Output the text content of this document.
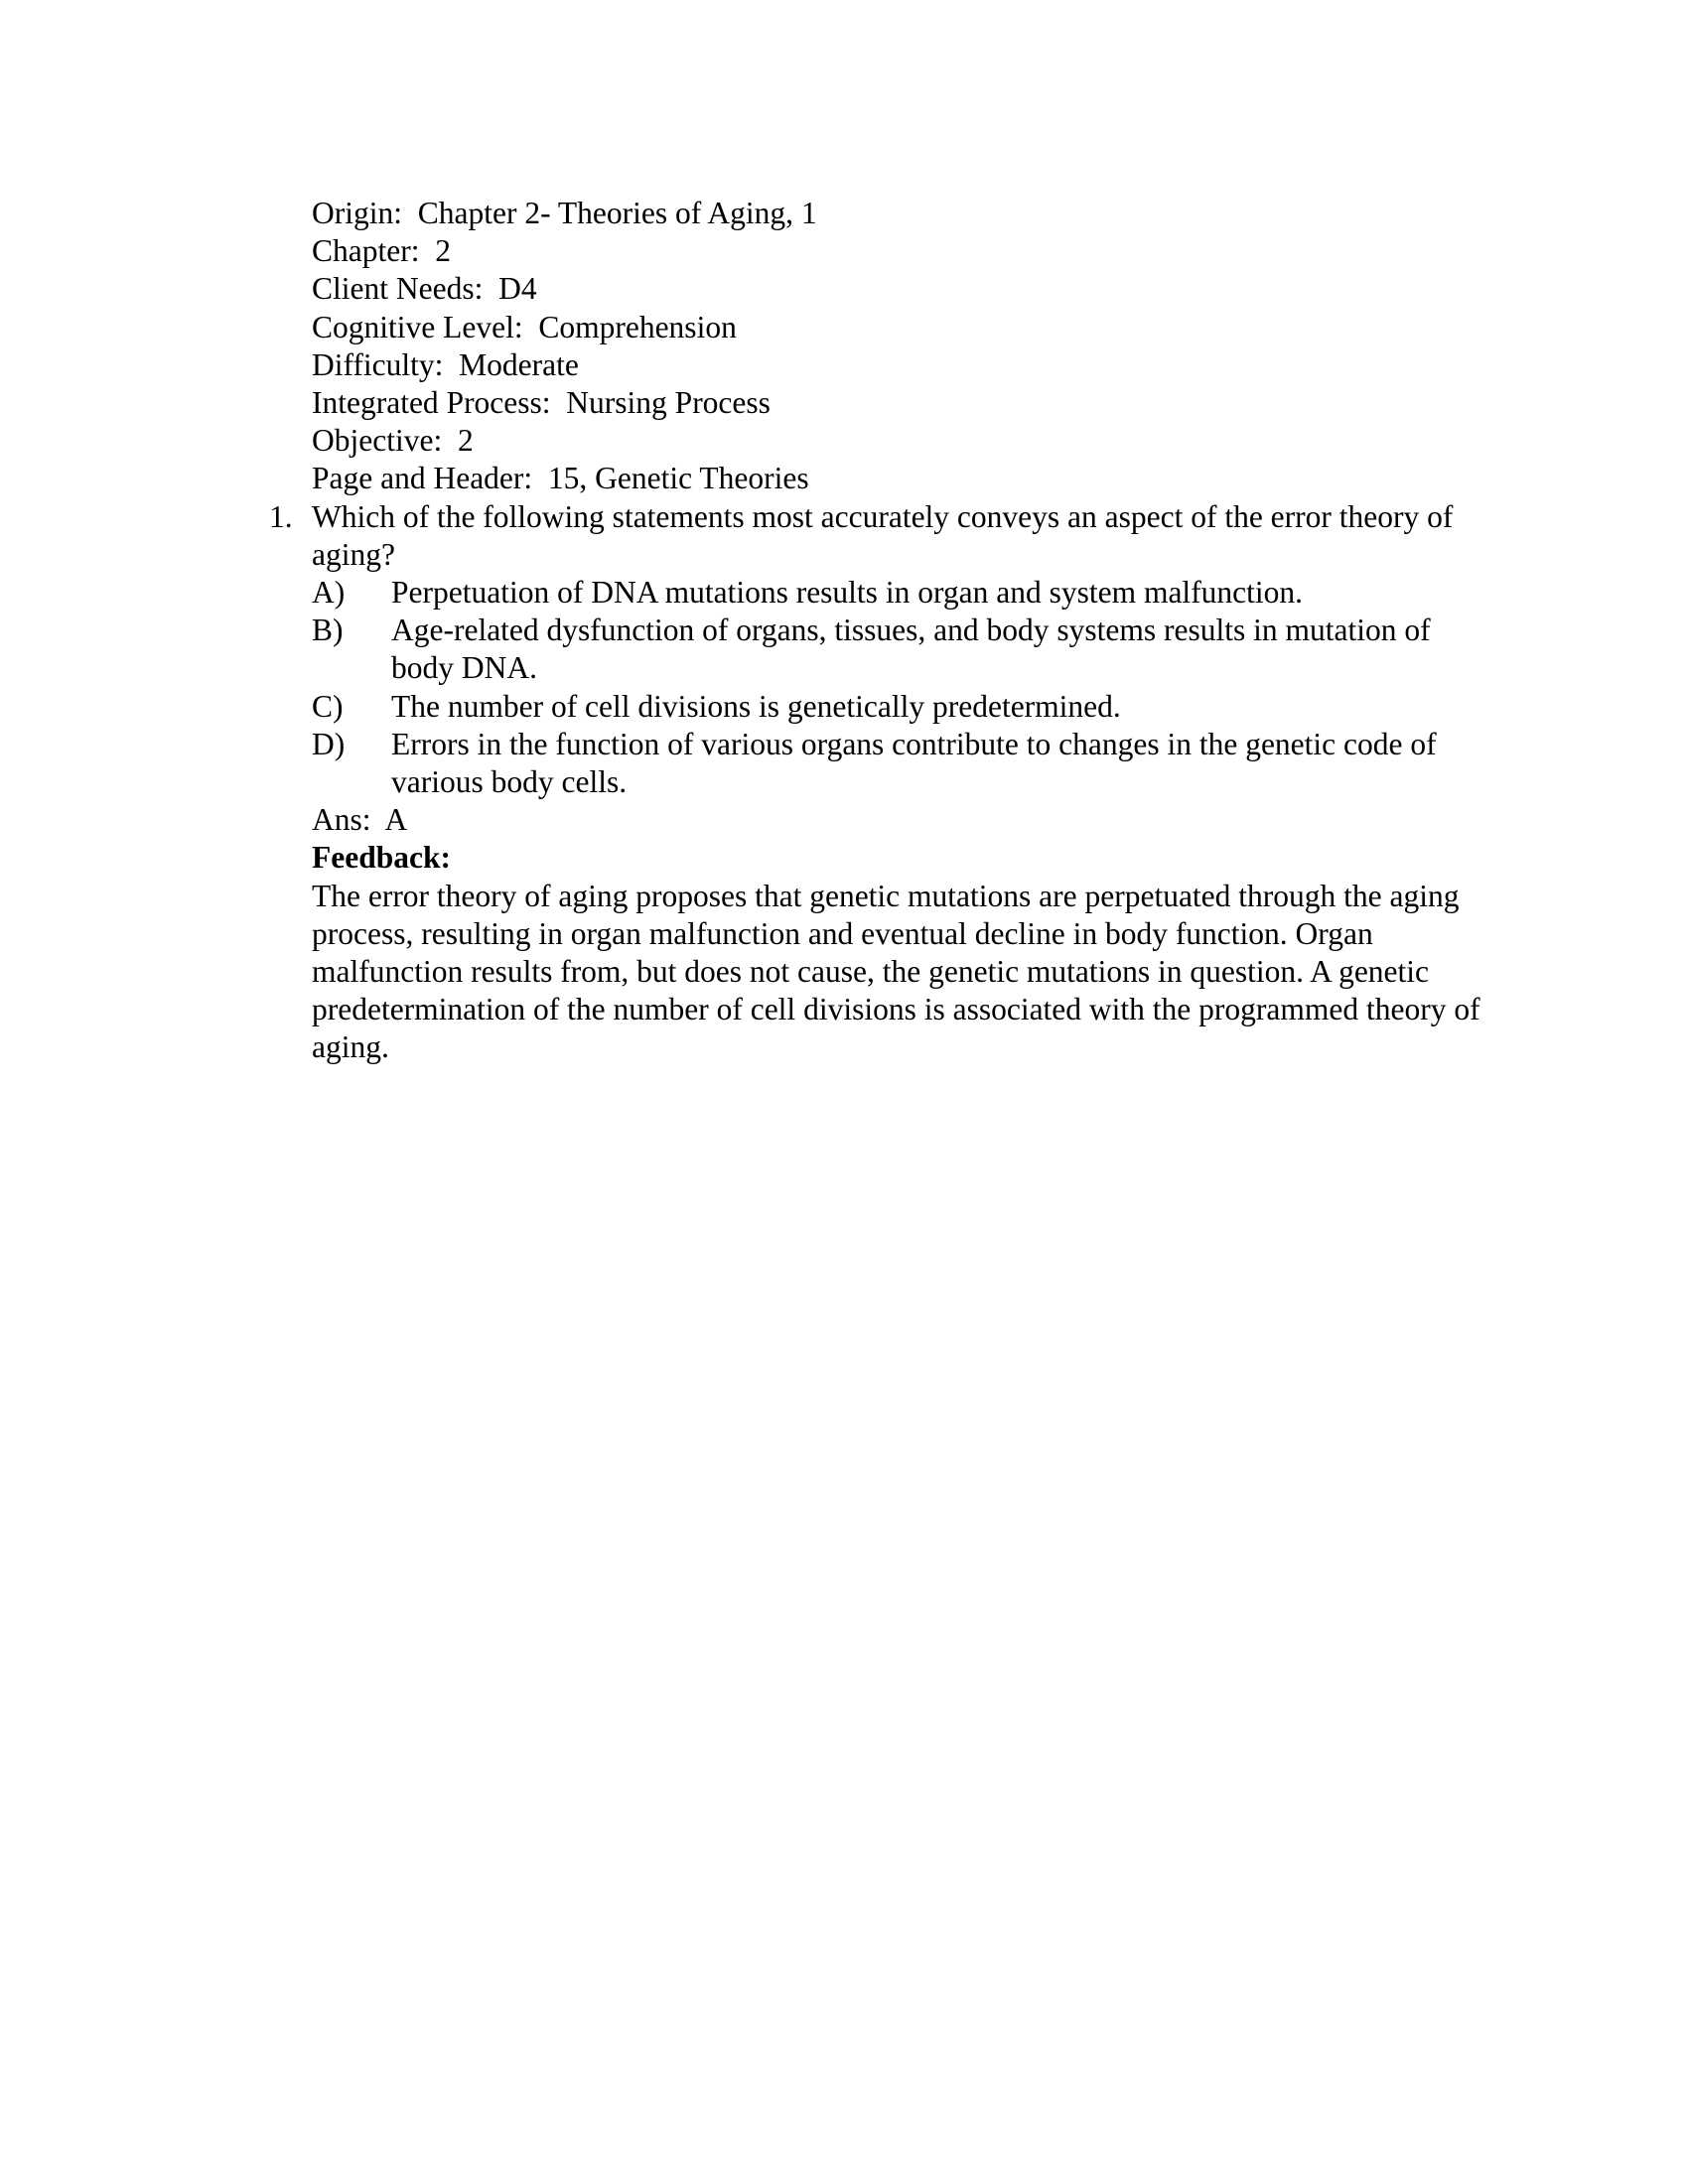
Origin: Chapter 2- Theories of Aging, 1
Chapter: 2
Client Needs: D4
Cognitive Level: Comprehension
Difficulty: Moderate
Integrated Process: Nursing Process
Objective: 2
Page and Header: 15, Genetic Theories
1. Which of the following statements most accurately conveys an aspect of the error theory of aging?
A) Perpetuation of DNA mutations results in organ and system malfunction.
B) Age-related dysfunction of organs, tissues, and body systems results in mutation of body DNA.
C) The number of cell divisions is genetically predetermined.
D) Errors in the function of various organs contribute to changes in the genetic code of various body cells.
Ans: A
Feedback:
The error theory of aging proposes that genetic mutations are perpetuated through the aging process, resulting in organ malfunction and eventual decline in body function. Organ malfunction results from, but does not cause, the genetic mutations in question. A genetic predetermination of the number of cell divisions is associated with the programmed theory of aging.
